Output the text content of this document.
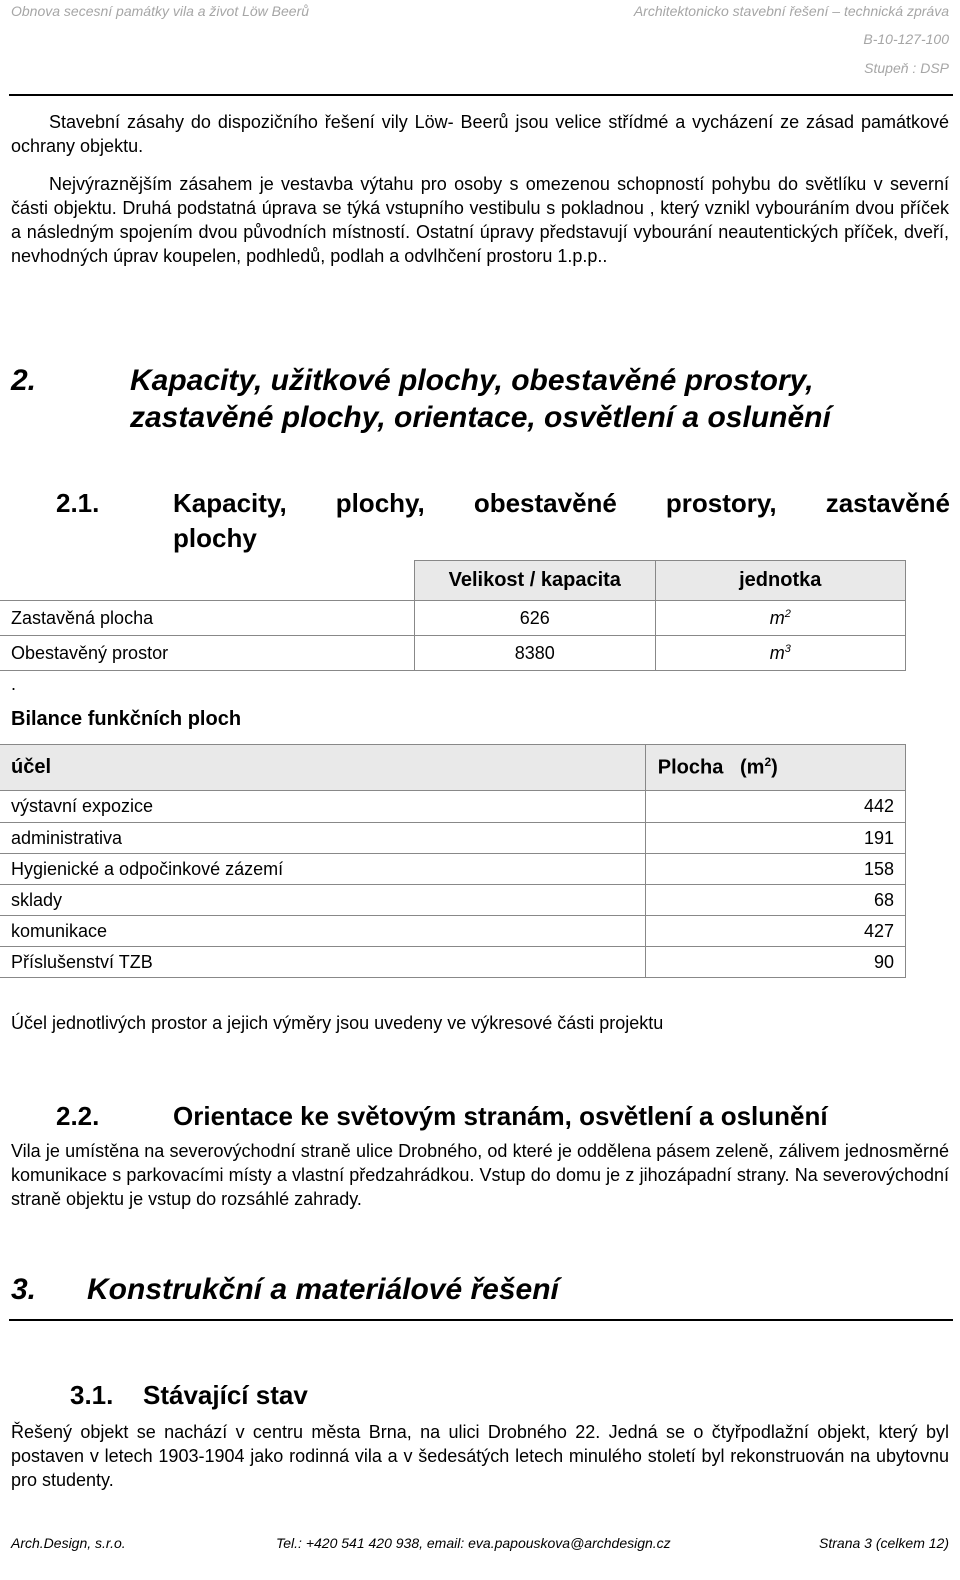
Obnova secesní památky vila a život Löw Beerů	Architektonicko stavební řešení – technická zpráva
B-10-127-100
Stupeň : DSP

Stavební zásahy do dispozičního řešení vily Löw- Beerů jsou velice střídmé a vycházení ze zásad památkové ochrany objektu.

Nejvýraznějším zásahem je vestavba výtahu pro osoby s omezenou schopností pohybu do světlíku v severní části objektu. Druhá podstatná úprava se týká vstupního vestibulu s pokladnou , který vznikl vybouráním dvou příček a následným spojením dvou původních místností. Ostatní úpravy představují vybourání neautentických příček, dveří, nevhodných úprav koupelen, podhledů, podlah a odvlhčení prostoru 1.p.p..

2.	Kapacity, užitkové plochy, obestavěné prostory,
zastavěné plochy, orientace, osvětlení a oslunění
2.1.	Kapacity, plochy, obestavěné prostory, zastavěné
plochy
	Velikost / kapacita	jednotka
Zastavěná plocha	626	$m^2$
Obestavěný prostor	8380	$m^3$
.
Bilance funkčních ploch
účel	Plocha $(m^2)$
výstavní expozice	442
administrativa	191
Hygienické a odpočinkové zázemí	158
sklady	68
komunikace	427
Příslušenství TZB	90
Účel jednotlivých prostor a jejich výměry jsou uvedeny ve výkresové části projektu
2.2.	Orientace ke světovým stranám, osvětlení a oslunění
Vila je umístěna na severovýchodní straně ulice Drobného, od které je oddělena pásem zeleně, zálivem jednosměrné komunikace s parkovacími místy a vlastní předzahrádkou. Vstup do domu je z jihozápadní strany. Na severovýchodní straně objektu je vstup do rozsáhlé zahrady.
3. Konstrukční a materiálové řešení
3.1. Stávající stav
Řešený objekt se nachází v centru města Brna, na ulici Drobného 22. Jedná se o čtyřpodlažní objekt, který byl postaven v letech 1903-1904 jako rodinná vila a v šedesátých letech minulého století byl rekonstruován na ubytovnu pro studenty.
Arch.Design, s.r.o.	Tel.: +420 541 420 938, email: eva.papouskova@archdesign.cz	Strana 3 (celkem 12)
